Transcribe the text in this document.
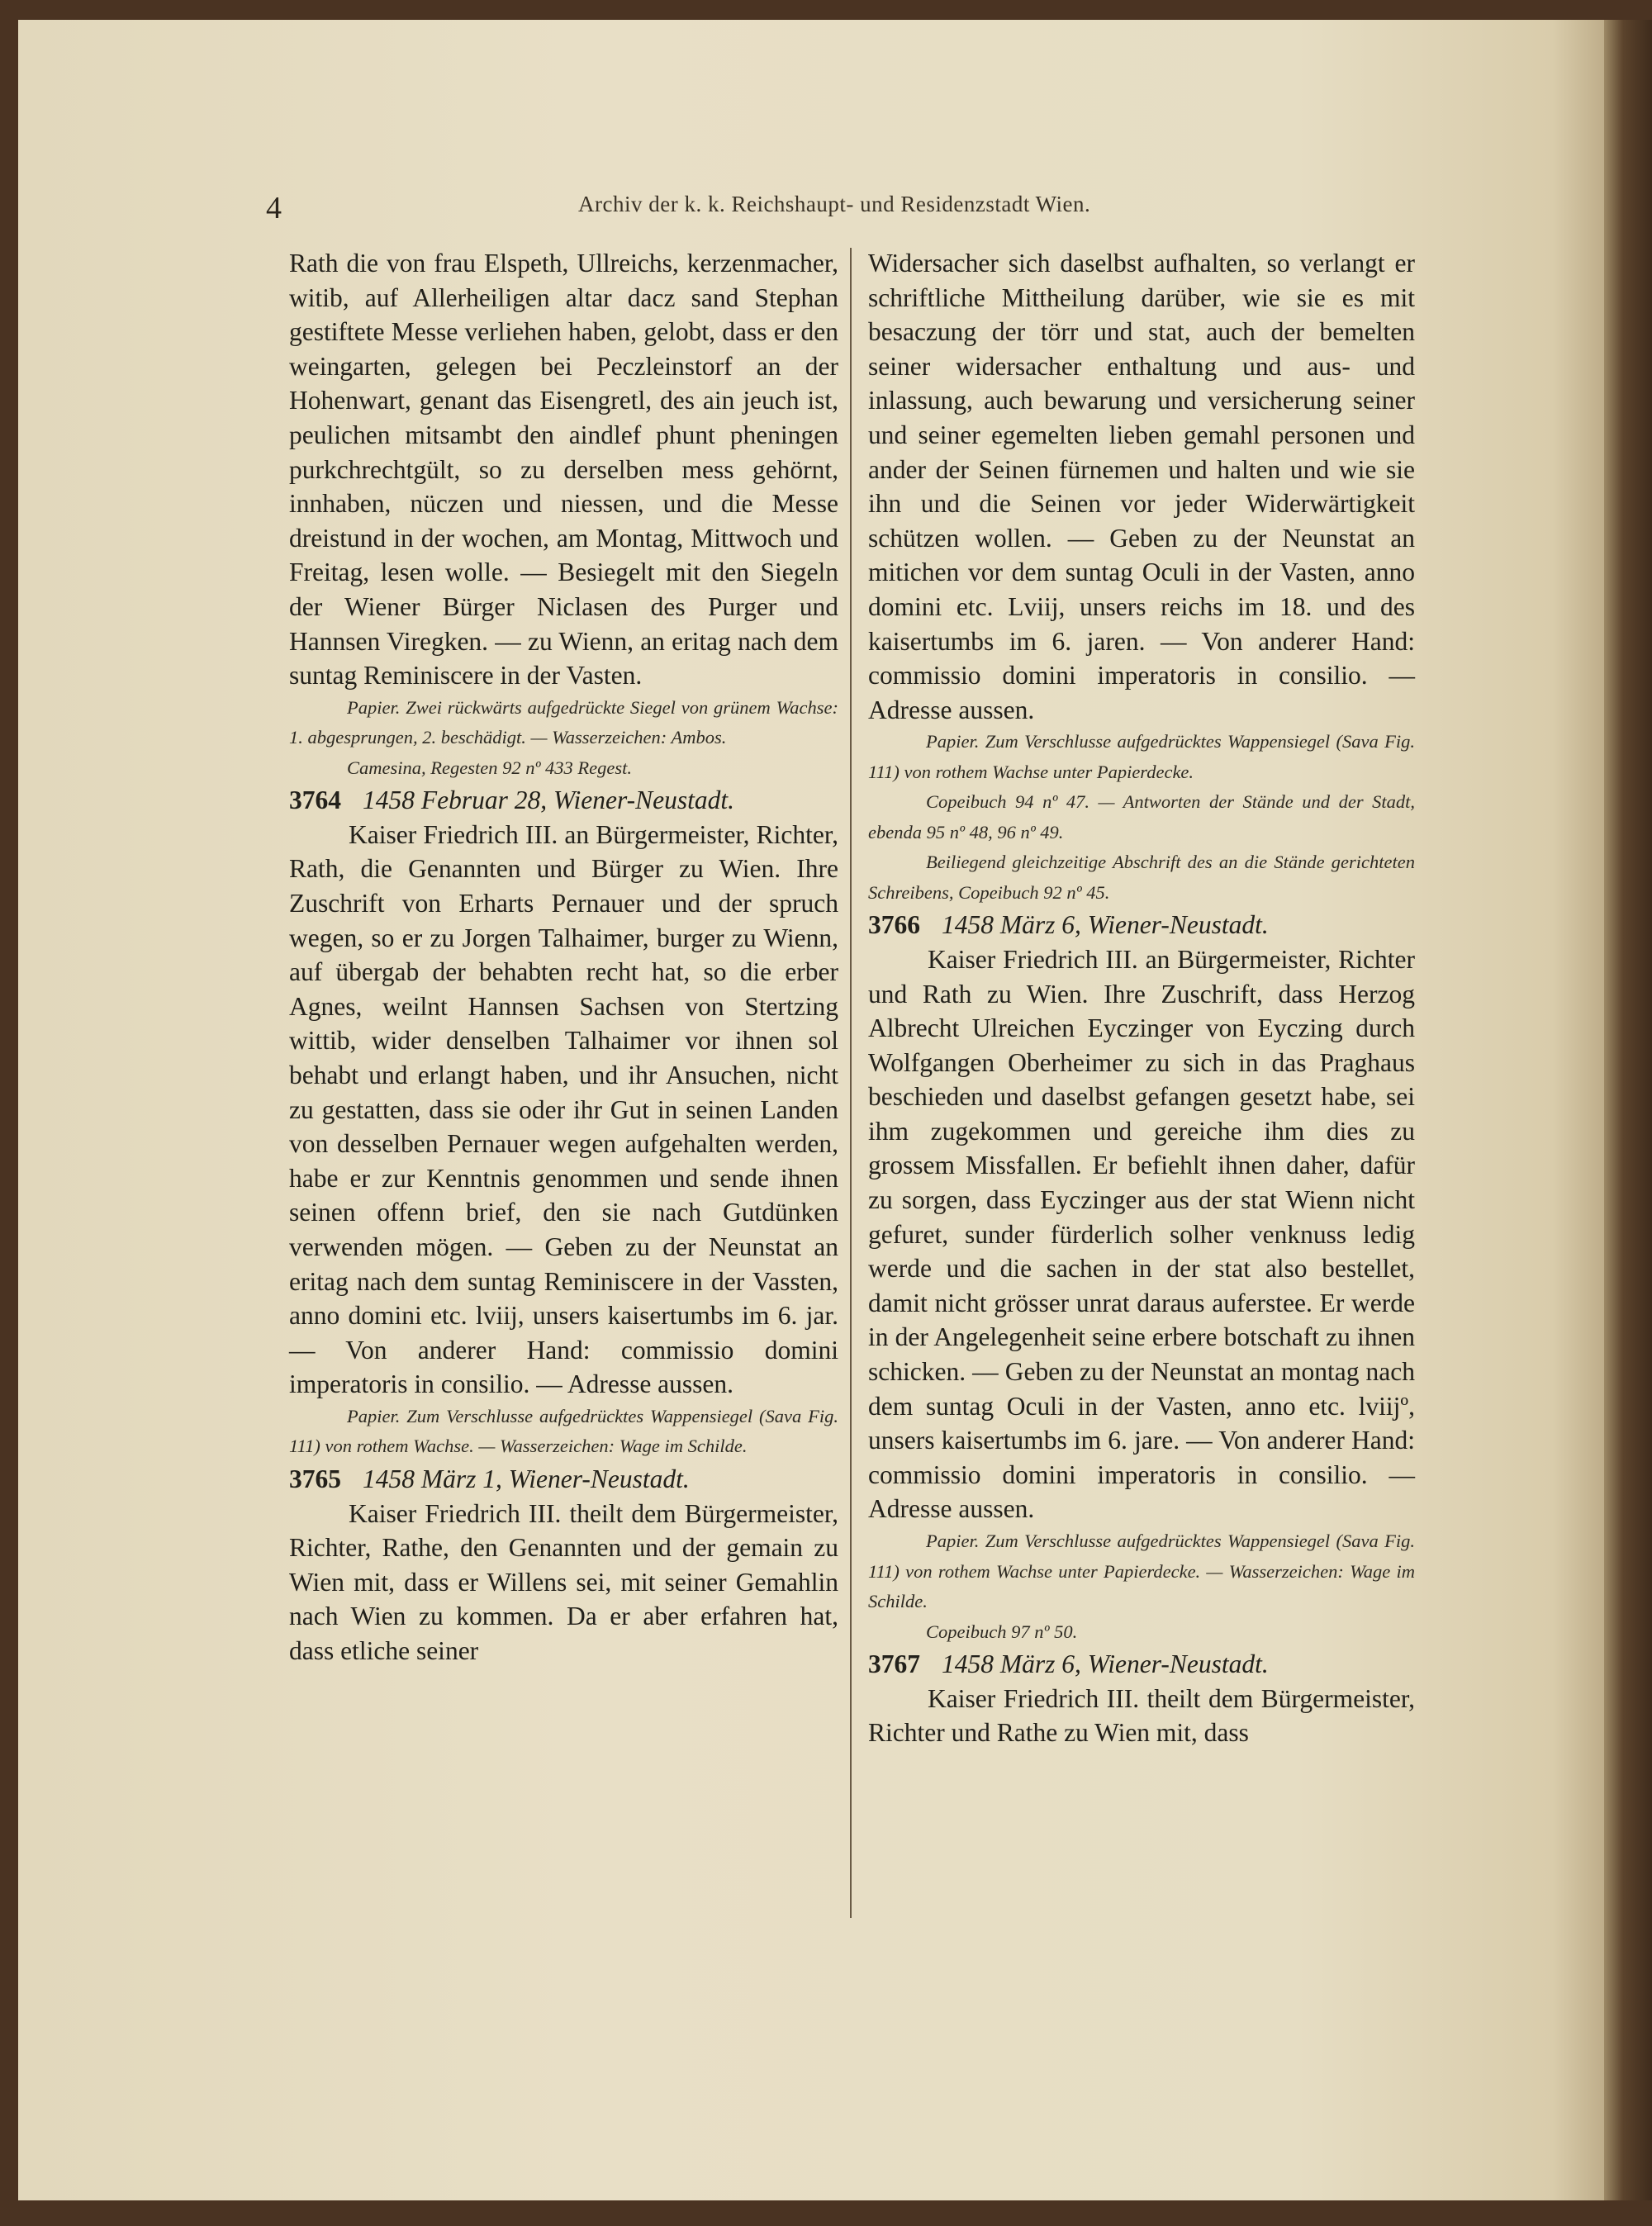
4	Archiv der k. k. Reichshaupt- und Residenzstadt Wien.

Rath die von frau Elspeth, Ullreichs, kerzenmacher, witib, auf Allerheiligen altar dacz sand Stephan gestiftete Messe verliehen haben, gelobt, dass er den weingarten, gelegen bei Peczleinstorf an der Hohenwart, genant das Eisengretl, des ain jeuch ist, peulichen mitsambt den aindlef phunt pheningen purkchrechtgült, so zu derselben mess gehörnt, innhaben, nüczen und niessen, und die Messe dreistund in der wochen, am Montag, Mittwoch und Freitag, lesen wolle. — Besiegelt mit den Siegeln der Wiener Bürger Niclasen des Purger und Hannsen Viregken. — zu Wienn, an eritag nach dem suntag Reminiscere in der Vasten.

Papier. Zwei rückwärts aufgedrückte Siegel von grünem Wachse: 1. abgesprungen, 2. beschädigt. — Wasserzeichen: Ambos.

Camesina, Regesten 92 nº 433 Regest.

3764 1458 Februar 28, Wiener-Neustadt.

Kaiser Friedrich III. an Bürgermeister, Richter, Rath, die Genannten und Bürger zu Wien. Ihre Zuschrift von Erharts Pernauer und der spruch wegen, so er zu Jorgen Talhaimer, burger zu Wienn, auf übergab der behabten recht hat, so die erber Agnes, weilnt Hannsen Sachsen von Stertzing wittib, wider denselben Talhaimer vor ihnen sol behabt und erlangt haben, und ihr Ansuchen, nicht zu gestatten, dass sie oder ihr Gut in seinen Landen von desselben Pernauer wegen aufgehalten werden, habe er zur Kenntnis genommen und sende ihnen seinen offenn brief, den sie nach Gutdünken verwenden mögen. — Geben zu der Neunstat an eritag nach dem suntag Reminiscere in der Vassten, anno domini etc. lviij, unsers kaisertumbs im 6. jar. — Von anderer Hand: commissio domini imperatoris in consilio. — Adresse aussen.

Papier. Zum Verschlusse aufgedrücktes Wappensiegel (Sava Fig. 111) von rothem Wachse. — Wasserzeichen: Wage im Schilde.

3765 1458 März 1, Wiener-Neustadt.

Kaiser Friedrich III. theilt dem Bürgermeister, Richter, Rathe, den Genannten und der gemain zu Wien mit, dass er Willens sei, mit seiner Gemahlin nach Wien zu kommen. Da er aber erfahren hat, dass etliche seiner

Widersacher sich daselbst aufhalten, so verlangt er schriftliche Mittheilung darüber, wie sie es mit besaczung der törr und stat, auch der bemelten seiner widersacher enthaltung und aus- und inlassung, auch bewarung und versicherung seiner und seiner egemelten lieben gemahl personen und ander der Seinen fürnemen und halten und wie sie ihn und die Seinen vor jeder Widerwärtigkeit schützen wollen. — Geben zu der Neunstat an mitichen vor dem suntag Oculi in der Vasten, anno domini etc. Lviij, unsers reichs im 18. und des kaisertumbs im 6. jaren. — Von anderer Hand: commissio domini imperatoris in consilio. — Adresse aussen.

Papier. Zum Verschlusse aufgedrücktes Wappensiegel (Sava Fig. 111) von rothem Wachse unter Papierdecke.

Copeibuch 94 nº 47. — Antworten der Stände und der Stadt, ebenda 95 nº 48, 96 nº 49.

Beiliegend gleichzeitige Abschrift des an die Stände gerichteten Schreibens, Copeibuch 92 nº 45.

3766 1458 März 6, Wiener-Neustadt.

Kaiser Friedrich III. an Bürgermeister, Richter und Rath zu Wien. Ihre Zuschrift, dass Herzog Albrecht Ulreichen Eyczinger von Eyczing durch Wolfgangen Oberheimer zu sich in das Praghaus beschieden und daselbst gefangen gesetzt habe, sei ihm zugekommen und gereiche ihm dies zu grossem Missfallen. Er befiehlt ihnen daher, dafür zu sorgen, dass Eyczinger aus der stat Wienn nicht gefuret, sunder fürderlich solher venknuss ledig werde und die sachen in der stat also bestellet, damit nicht grösser unrat daraus auferstee. Er werde in der Angelegenheit seine erbere botschaft zu ihnen schicken. — Geben zu der Neunstat an montag nach dem suntag Oculi in der Vasten, anno etc. lviijº, unsers kaisertumbs im 6. jare. — Von anderer Hand: commissio domini imperatoris in consilio. — Adresse aussen.

Papier. Zum Verschlusse aufgedrücktes Wappensiegel (Sava Fig. 111) von rothem Wachse unter Papierdecke. — Wasserzeichen: Wage im Schilde.

Copeibuch 97 nº 50.

3767 1458 März 6, Wiener-Neustadt.

Kaiser Friedrich III. theilt dem Bürgermeister, Richter und Rathe zu Wien mit, dass
